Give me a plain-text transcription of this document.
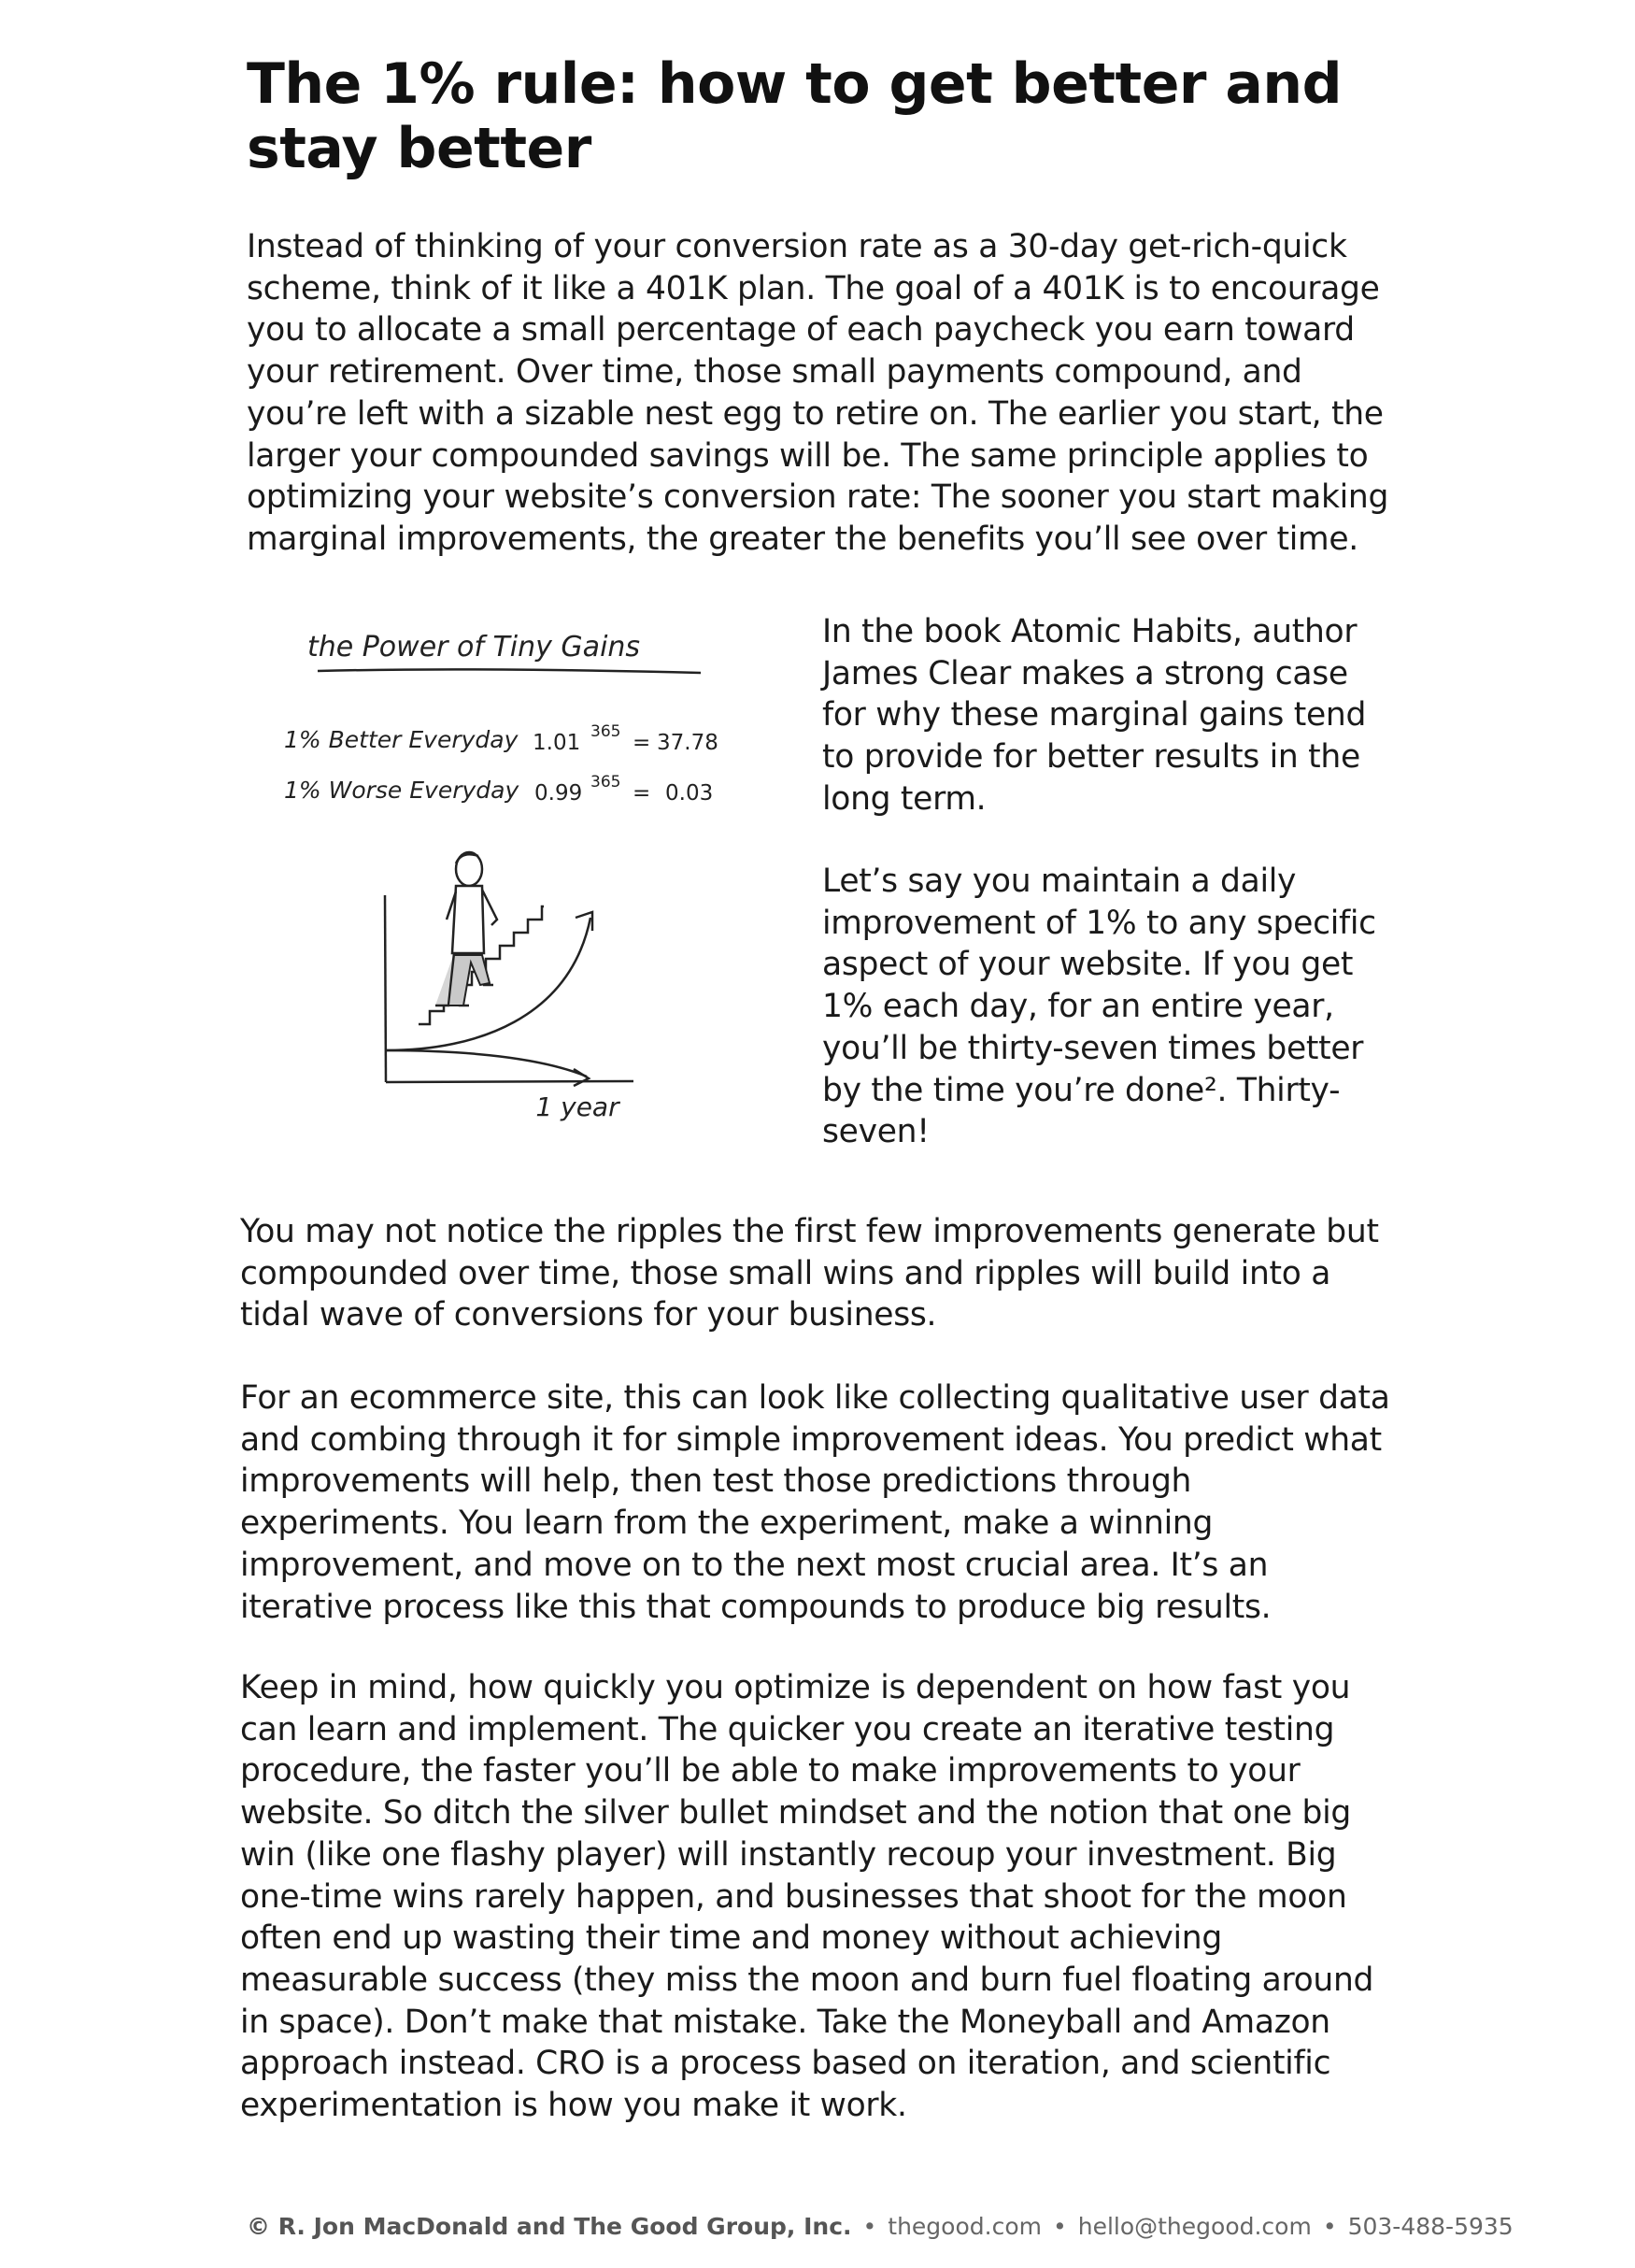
The 1% rule: how to get better and stay better

Instead of thinking of your conversion rate as a 30-day get-rich-quick scheme, think of it like a 401K plan. The goal of a 401K is to encourage you to allocate a small percentage of each paycheck you earn toward your retirement. Over time, those small payments compound, and you’re left with a sizable nest egg to retire on. The earlier you start, the larger your compounded savings will be. The same principle applies to optimizing your website’s conversion rate: The sooner you start making marginal improvements, the greater the benefits you’ll see over time.

the Power of Tiny Gains
1% Better Everyday 1.01 365 = 37.78
1% Worse Everyday 0.99 365 = 0.03
1 year

In the book Atomic Habits, author James Clear makes a strong case for why these marginal gains tend to provide for better results in the long term.

Let’s say you maintain a daily improvement of 1% to any specific aspect of your website. If you get 1% each day, for an entire year, you’ll be thirty-seven times better by the time you’re done². Thirty-seven!

You may not notice the ripples the first few improvements generate but compounded over time, those small wins and ripples will build into a tidal wave of conversions for your business.

For an ecommerce site, this can look like collecting qualitative user data and combing through it for simple improvement ideas. You predict what improvements will help, then test those predictions through experiments. You learn from the experiment, make a winning improvement, and move on to the next most crucial area. It’s an iterative process like this that compounds to produce big results.

Keep in mind, how quickly you optimize is dependent on how fast you can learn and implement. The quicker you create an iterative testing procedure, the faster you’ll be able to make improvements to your website. So ditch the silver bullet mindset and the notion that one big win (like one flashy player) will instantly recoup your investment. Big one-time wins rarely happen, and businesses that shoot for the moon often end up wasting their time and money without achieving measurable success (they miss the moon and burn fuel floating around in space). Don’t make that mistake. Take the Moneyball and Amazon approach instead. CRO is a process based on iteration, and scientific experimentation is how you make it work.

© R. Jon MacDonald and The Good Group, Inc. • thegood.com • hello@thegood.com • 503-488-5935
